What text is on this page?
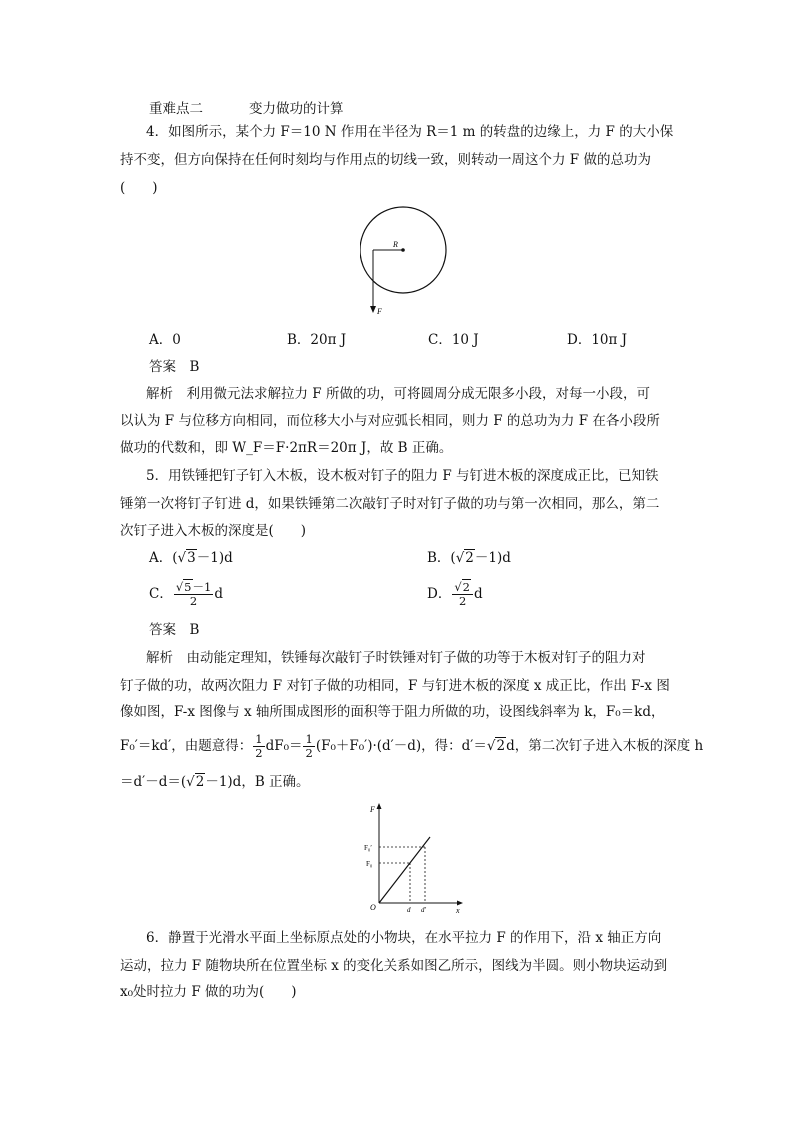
重难点二	变力做功的计算
4．如图所示，某个力 F＝10 N 作用在半径为 R＝1 m 的转盘的边缘上，力 F 的大小保
持不变，但方向保持在任何时刻均与作用点的切线一致，则转动一周这个力 F 做的总功为
(　　)
R
F
A．0	B．20π J	C．10 J	D．10π J
答案　B
解析　利用微元法求解拉力 F 所做的功，可将圆周分成无限多小段，对每一小段，可
以认为 F 与位移方向相同，而位移大小与对应弧长相同，则力 F 的总功为力 F 在各小段所
做功的代数和，即 W_F＝F·2πR＝20π J，故 B 正确。
5．用铁锤把钉子钉入木板，设木板对钉子的阻力 F 与钉进木板的深度成正比，已知铁
锤第一次将钉子钉进 d，如果铁锤第二次敲钉子时对钉子做的功与第一次相同，那么，第二
次钉子进入木板的深度是(　　)
A．(√3－1)d	B．(√2－1)d
C． $\frac{√5-1}{2}$ d	D． $\frac{√2}{2}$ d
答案　B
解析　由动能定理知，铁锤每次敲钉子时铁锤对钉子做的功等于木板对钉子的阻力对
钉子做的功，故两次阻力 F 对钉子做的功相同，F 与钉进木板的深度 x 成正比，作出 F-x 图
像如图，F-x 图像与 x 轴所围成图形的面积等于阻力所做的功，设图线斜率为 k，F₀＝kd，
F₀′＝kd′，由题意得： $\frac{1}{2} dF_0= \frac{1}{2} (F_0+F_0')\cdot(d'-d)$，得：d′＝√2d，第二次钉子进入木板的深度 h
＝d′－d＝(√2－1)d，B 正确。
F
x
O
F₀′
F₀
d d′
6．静置于光滑水平面上坐标原点处的小物块，在水平拉力 F 的作用下，沿 x 轴正方向
运动，拉力 F 随物块所在位置坐标 x 的变化关系如图乙所示，图线为半圆。则小物块运动到
x₀处时拉力 F 做的功为(　　)
